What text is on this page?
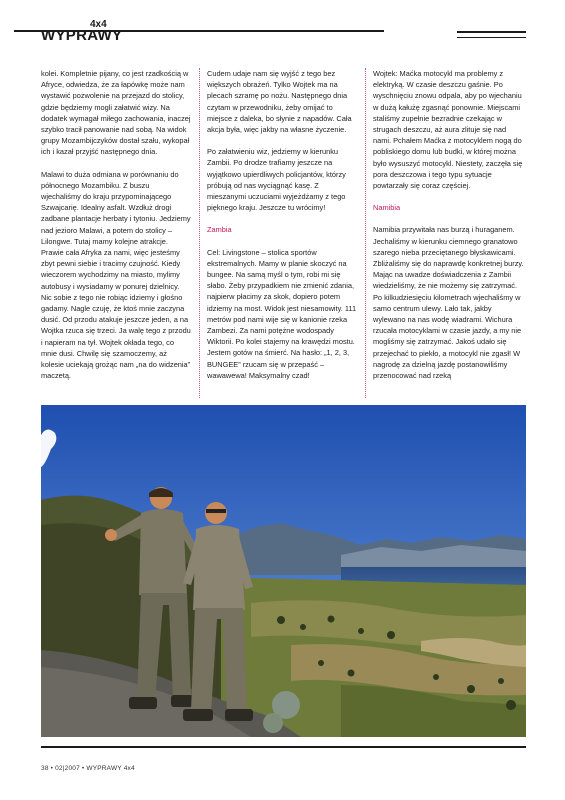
4x4
WYPRAWY

kolei. Kompletnie pijany, co jest rzadkością w Afryce, odwiedza, że za łapówkę może nam wystawić pozwolenie na przejazd do stolicy, gdzie będziemy mogli załatwić wizy. Na dodatek wymagał miłego zachowania, inaczej szybko tracił panowanie nad sobą. Na widok grupy Mozambijczyków dostał szału, wykopał ich i kazał przyjść następnego dnia.

Malawi to duża odmiana w porównaniu do północnego Mozambiku. Z buszu wjechaliśmy do kraju przypominającego Szwajcarię. Idealny asfalt. Wzdłuż drogi zadbane plantacje herbaty i tytoniu. Jedziemy nad jezioro Malawi, a potem do stolicy – Lilongwe. Tutaj mamy kolejne atrakcje. Prawie cała Afryka za nami, więc jesteśmy zbyt pewni siebie i tracimy czujność. Kiedy wieczorem wychodzimy na miasto, mylimy autobusy i wysiadamy w ponurej dzielnicy. Nic sobie z tego nie robiąc idziemy i głośno gadamy. Nagle czuję, że ktoś mnie zaczyna dusić. Od przodu atakuje jeszcze jeden, a na Wojtka rzuca się trzeci. Ja walę tego z przodu i napieram na tył. Wojtek okłada tego, co mnie dusi. Chwilę się szamoczemy, aż kolesie uciekają grożąc nam „na do widzenia” maczetą.

Cudem udaje nam się wyjść z tego bez większych obrażeń. Tylko Wojtek ma na plecach szramę po nożu. Następnego dnia czytam w przewodniku, żeby omijać to miejsce z daleka, bo słynie z napadów. Cała akcja była, więc jakby na własne życzenie.

Po załatwieniu wiz, jedziemy w kierunku Zambii. Po drodze trafiamy jeszcze na wyjątkowo upierdliwych policjantów, którzy próbują od nas wyciągnąć kasę. Z mieszanymi uczuciami wyjeżdżamy z tego pięknego kraju. Jeszcze tu wrócimy!

Zambia

Cel: Livingstone – stolica sportów ekstremalnych. Mamy w planie skoczyć na bungee. Na samą myśl o tym, robi mi się słabo. Żeby przypadkiem nie zmienić zdania, najpierw płacimy za skok, dopiero potem idziemy na most. Widok jest niesamowity. 111 metrów pod nami wije się w kanionie rzeka Zambezi. Za nami potężne wodospady Wiktorii. Po kolei stajemy na krawędzi mostu. Jestem gotów na śmierć. Na hasło: „1, 2, 3, BUNGEE” rzucam się w przepaść – wawawewa! Maksymalny czad!

Wojtek: Maćka motocykl ma problemy z elektryką. W czasie deszczu gaśnie. Po wyschnięciu znowu odpala, aby po wjechaniu w dużą kałużę zgasnąć ponownie. Miejscami staliśmy zupełnie bezradnie czekając w strugach deszczu, aż aura zlituje się nad nami. Pchałem Maćka z motocyklem nogą do pobliskiego domu lub budki, w której można było wysuszyć motocykl. Niestety, zaczęła się pora deszczowa i tego typu sytuacje powtarzały się coraz częściej.

Namibia

Namibia przywitała nas burzą i huraganem. Jechaliśmy w kierunku ciemnego granatowo szarego nieba przeciętanego błyskawicami. Zbliżaliśmy się do naprawdę konkretnej burzy. Mając na uwadze doświadczenia z Zambii wiedzieliśmy, że nie możemy się zatrzymać. Po kilkudziesięciu kilometrach wjechaliśmy w samo centrum ulewy. Lało tak, jakby wylewano na nas wodę wiadrami. Wichura rzucała motocyklami w czasie jazdy, a my nie mogliśmy się zatrzymać. Jakoś udało się przejechać to piekło, a motocykl nie zgasł! W nagrodę za dzielną jazdę postanowiliśmy przenocować nad rzeką

38 • 02|2007 • WYPRAWY 4x4
